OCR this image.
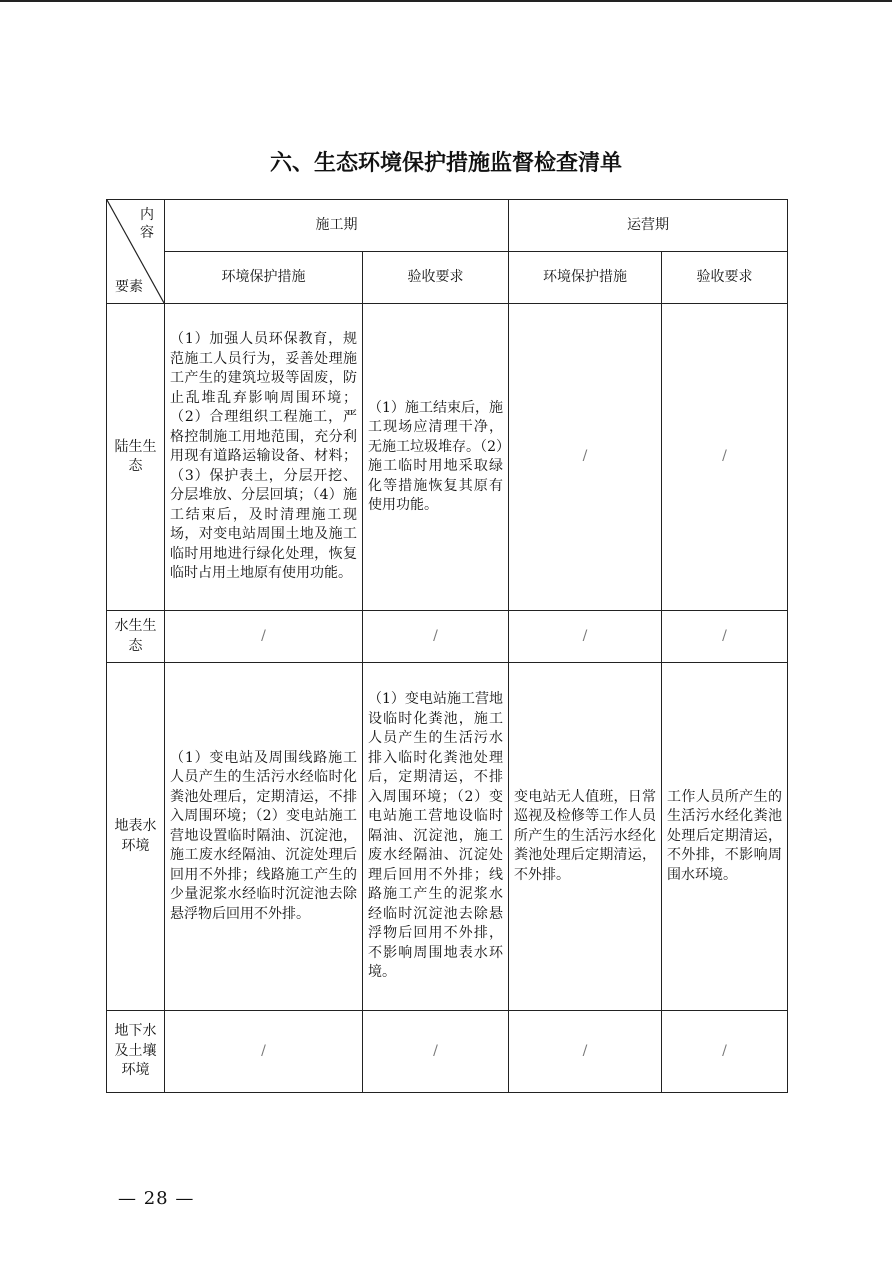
六、生态环境保护措施监督检查清单
内容
要素	施工期		运营期	
	环境保护措施	验收要求	环境保护措施	验收要求
陆生生态	（1）加强人员环保教育，规范施工人员行为，妥善处理施工产生的建筑垃圾等固废，防止乱堆乱弃影响周围环境；（2）合理组织工程施工，严格控制施工用地范围，充分利用现有道路运输设备、材料；（3）保护表土，分层开挖、分层堆放、分层回填；（4）施工结束后，及时清理施工现场，对变电站周围土地及施工临时用地进行绿化处理，恢复临时占用土地原有使用功能。	（1）施工结束后，施工现场应清理干净，无施工垃圾堆存。（2）施工临时用地采取绿化等措施恢复其原有使用功能。	/	/
水生生态	/	/	/	/
地表水环境	（1）变电站及周围线路施工人员产生的生活污水经临时化粪池处理后，定期清运，不排入周围环境；（2）变电站施工营地设置临时隔油、沉淀池，施工废水经隔油、沉淀处理后回用不外排；线路施工产生的少量泥浆水经临时沉淀池去除悬浮物后回用不外排。	（1）变电站施工营地设临时化粪池，施工人员产生的生活污水排入临时化粪池处理后，定期清运，不排入周围环境；（2）变电站施工营地设临时隔油、沉淀池，施工废水经隔油、沉淀处理后回用不外排；线路施工产生的泥浆水经临时沉淀池去除悬浮物后回用不外排，不影响周围地表水环境。	变电站无人值班，日常巡视及检修等工作人员所产生的生活污水经化粪池处理后定期清运，不外排。	工作人员所产生的生活污水经化粪池处理后定期清运，不外排，不影响周围水环境。
地下水及土壤环境	/	/	/	/
— 28 —
